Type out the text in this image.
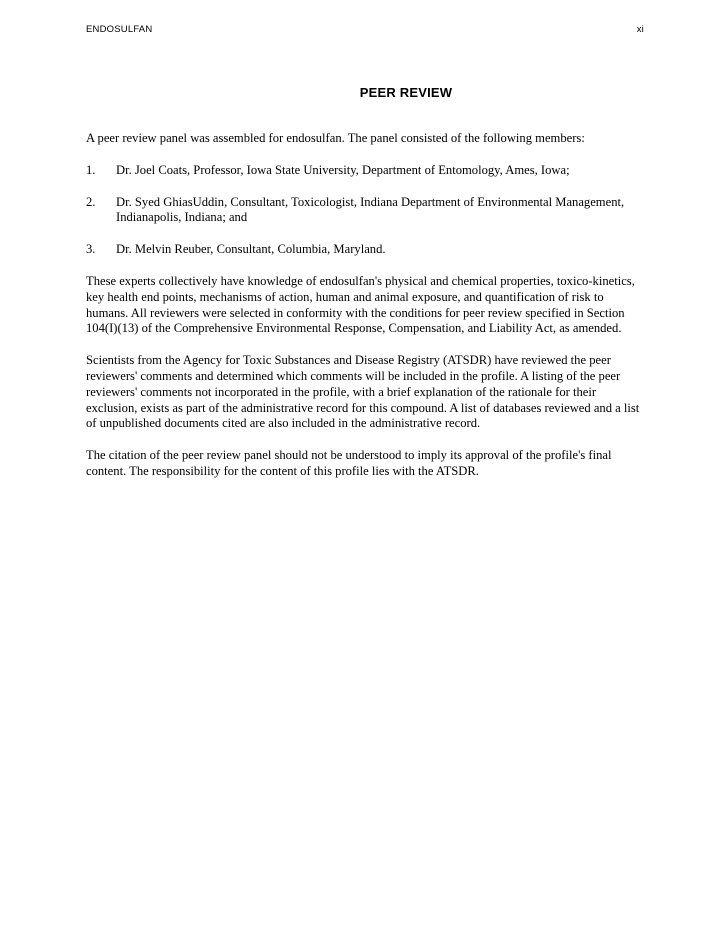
ENDOSULFAN	xi
PEER REVIEW

A peer review panel was assembled for endosulfan. The panel consisted of the following members:

1.	Dr. Joel Coats, Professor, Iowa State University, Department of Entomology, Ames, Iowa;
2.	Dr. Syed GhiasUddin, Consultant, Toxicologist, Indiana Department of Environmental Management, Indianapolis, Indiana; and
3.	Dr. Melvin Reuber, Consultant, Columbia, Maryland.

These experts collectively have knowledge of endosulfan's physical and chemical properties, toxico-kinetics, key health end points, mechanisms of action, human and animal exposure, and quantification of risk to humans. All reviewers were selected in conformity with the conditions for peer review specified in Section 104(I)(13) of the Comprehensive Environmental Response, Compensation, and Liability Act, as amended.

Scientists from the Agency for Toxic Substances and Disease Registry (ATSDR) have reviewed the peer reviewers' comments and determined which comments will be included in the profile. A listing of the peer reviewers' comments not incorporated in the profile, with a brief explanation of the rationale for their exclusion, exists as part of the administrative record for this compound. A list of databases reviewed and a list of unpublished documents cited are also included in the administrative record.

The citation of the peer review panel should not be understood to imply its approval of the profile's final content. The responsibility for the content of this profile lies with the ATSDR.
